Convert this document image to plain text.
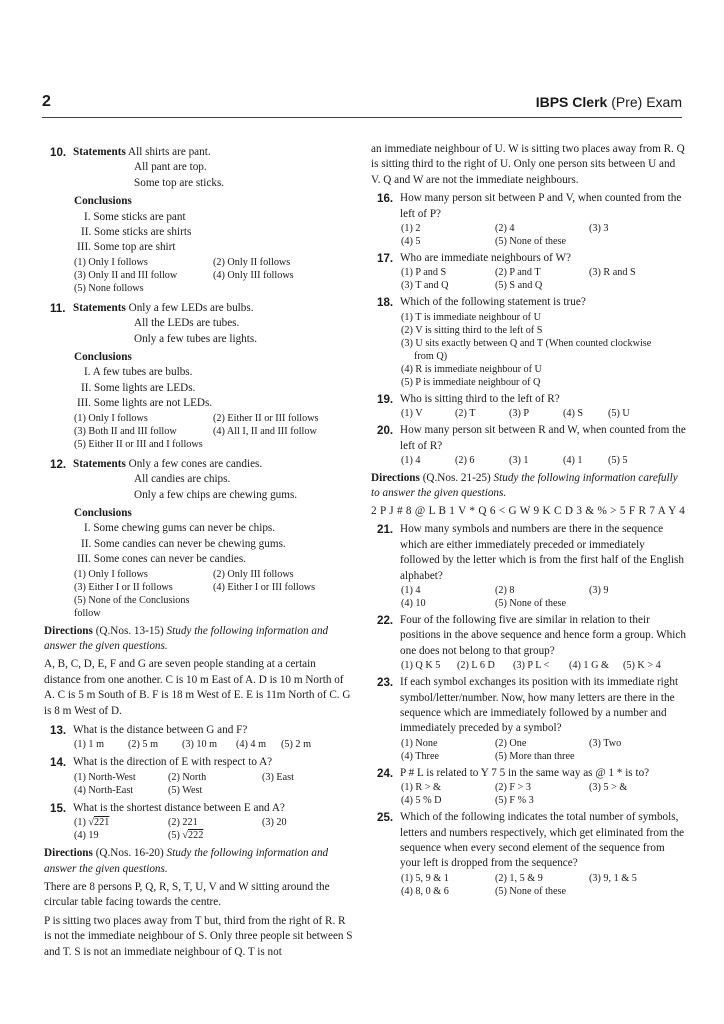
2	IBPS Clerk (Pre) Exam
10. Statements All shirts are pant.
All pant are top.
Some top are sticks.
Conclusions
I. Some sticks are pant
II. Some sticks are shirts
III. Some top are shirt
(1) Only I follows	(2) Only II follows
(3) Only II and III follow	(4) Only III follows
(5) None follows
11. Statements Only a few LEDs are bulbs.
All the LEDs are tubes.
Only a few tubes are lights.
Conclusions
I. A few tubes are bulbs.
II. Some lights are LEDs.
III. Some lights are not LEDs.
(1) Only I follows	(2) Either II or III follows
(3) Both II and III follow	(4) All I, II and III follow
(5) Either II or III and I follows
12. Statements Only a few cones are candies.
All candies are chips.
Only a few chips are chewing gums.
Conclusions
I. Some chewing gums can never be chips.
II. Some candies can never be chewing gums.
III. Some cones can never be candies.
(1) Only I follows	(2) Only III follows
(3) Either I or II follows	(4) Either I or III follows
(5) None of the Conclusions follow
Directions (Q.Nos. 13-15) Study the following information and answer the given questions.
A, B, C, D, E, F and G are seven people standing at a certain distance from one another. C is 10 m East of A. D is 10 m North of A. C is 5 m South of B. F is 18 m West of E. E is 11m North of C. G is 8 m West of D.
13. What is the distance between G and F?
(1) 1 m	(2) 5 m	(3) 10 m	(4) 4 m	(5) 2 m
14. What is the direction of E with respect to A?
(1) North-West	(2) North	(3) East
(4) North-East	(5) West
15. What is the shortest distance between E and A?
(1) √221	(2) 221	(3) 20
(4) 19	(5) √222
Directions (Q.Nos. 16-20) Study the following information and answer the given questions.
There are 8 persons P, Q, R, S, T, U, V and W sitting around the circular table facing towards the centre.
P is sitting two places away from T but, third from the right of R. R is not the immediate neighbour of S. Only three people sit between S and T. S is not an immediate neighbour of Q. T is not
an immediate neighbour of U. W is sitting two places away from R. Q is sitting third to the right of U. Only one person sits between U and V. Q and W are not the immediate neighbours.
16. How many person sit between P and V, when counted from the left of P?
(1) 2	(2) 4	(3) 3
(4) 5	(5) None of these
17. Who are immediate neighbours of W?
(1) P and S	(2) P and T	(3) R and S
(3) T and Q	(5) S and Q
18. Which of the following statement is true?
(1) T is immediate neighbour of U
(2) V is sitting third to the left of S
(3) U sits exactly between Q and T (When counted clockwise from Q)
(4) R is immediate neighbour of U
(5) P is immediate neighbour of Q
19. Who is sitting third to the left of R?
(1) V	(2) T	(3) P	(4) S	(5) U
20. How many person sit between R and W, when counted from the left of R?
(1) 4	(2) 6	(3) 1	(4) 1	(5) 5
Directions (Q.Nos. 21-25) Study the following information carefully to answer the given questions.
2 P J # 8 @ L B 1 V * Q 6 < G W 9 K C D 3 & % > 5 F R 7 A Y 4
21. How many symbols and numbers are there in the sequence which are either immediately preceded or immediately followed by the letter which is from the first half of the English alphabet?
(1) 4	(2) 8	(3) 9
(4) 10	(5) None of these
22. Four of the following five are similar in relation to their positions in the above sequence and hence form a group. Which one does not belong to that group?
(1) Q K 5	(2) L 6 D	(3) P L <	(4) 1 G &	(5) K > 4
23. If each symbol exchanges its position with its immediate right symbol/letter/number. Now, how many letters are there in the sequence which are immediately followed by a number and immediately preceded by a symbol?
(1) None	(2) One	(3) Two
(4) Three	(5) More than three
24. P # L is related to Y 7 5 in the same way as @ 1 * is to?
(1) R > &	(2) F > 3	(3) 5 > &
(4) 5 % D	(5) F % 3
25. Which of the following indicates the total number of symbols, letters and numbers respectively, which get eliminated from the sequence when every second element of the sequence from your left is dropped from the sequence?
(1) 5, 9 & 1	(2) 1, 5 & 9	(3) 9, 1 & 5
(4) 8, 0 & 6	(5) None of these
